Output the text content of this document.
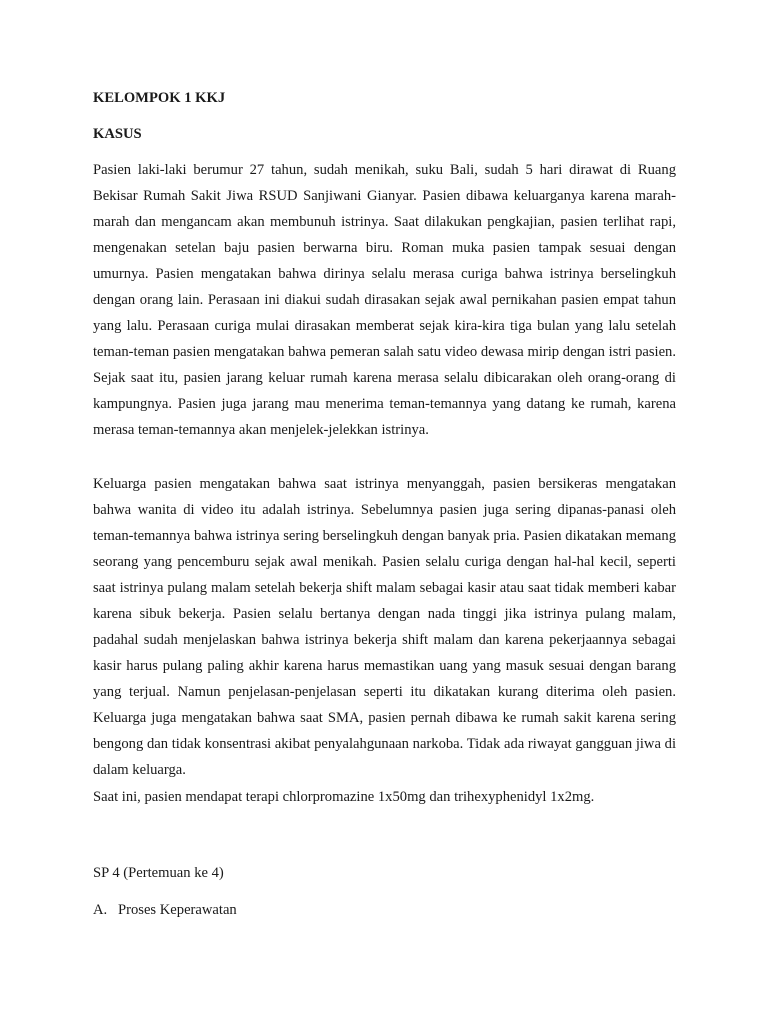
KELOMPOK 1 KKJ

KASUS

Pasien laki-laki berumur 27 tahun, sudah menikah, suku Bali, sudah 5 hari dirawat di Ruang Bekisar Rumah Sakit Jiwa RSUD Sanjiwani Gianyar. Pasien dibawa keluarganya karena marah-marah dan mengancam akan membunuh istrinya. Saat dilakukan pengkajian, pasien terlihat rapi, mengenakan setelan baju pasien berwarna biru. Roman muka pasien tampak sesuai dengan umurnya. Pasien mengatakan bahwa dirinya selalu merasa curiga bahwa istrinya berselingkuh dengan orang lain. Perasaan ini diakui sudah dirasakan sejak awal pernikahan pasien empat tahun yang lalu. Perasaan curiga mulai dirasakan memberat sejak kira-kira tiga bulan yang lalu setelah teman-teman pasien mengatakan bahwa pemeran salah satu video dewasa mirip dengan istri pasien. Sejak saat itu, pasien jarang keluar rumah karena merasa selalu dibicarakan oleh orang-orang di kampungnya. Pasien juga jarang mau menerima teman-temannya yang datang ke rumah, karena merasa teman-temannya akan menjelek-jelekkan istrinya.

Keluarga pasien mengatakan bahwa saat istrinya menyanggah, pasien bersikeras mengatakan bahwa wanita di video itu adalah istrinya. Sebelumnya pasien juga sering dipanas-panasi oleh teman-temannya bahwa istrinya sering berselingkuh dengan banyak pria. Pasien dikatakan memang seorang yang pencemburu sejak awal menikah. Pasien selalu curiga dengan hal-hal kecil, seperti saat istrinya pulang malam setelah bekerja shift malam sebagai kasir atau saat tidak memberi kabar karena sibuk bekerja. Pasien selalu bertanya dengan nada tinggi jika istrinya pulang malam, padahal sudah menjelaskan bahwa istrinya bekerja shift malam dan karena pekerjaannya sebagai kasir harus pulang paling akhir karena harus memastikan uang yang masuk sesuai dengan barang yang terjual. Namun penjelasan-penjelasan seperti itu dikatakan kurang diterima oleh pasien. Keluarga juga mengatakan bahwa saat SMA, pasien pernah dibawa ke rumah sakit karena sering bengong dan tidak konsentrasi akibat penyalahgunaan narkoba. Tidak ada riwayat gangguan jiwa di dalam keluarga.

Saat ini, pasien mendapat terapi chlorpromazine 1x50mg dan trihexyphenidyl 1x2mg.

SP 4 (Pertemuan ke 4)

A. Proses Keperawatan
